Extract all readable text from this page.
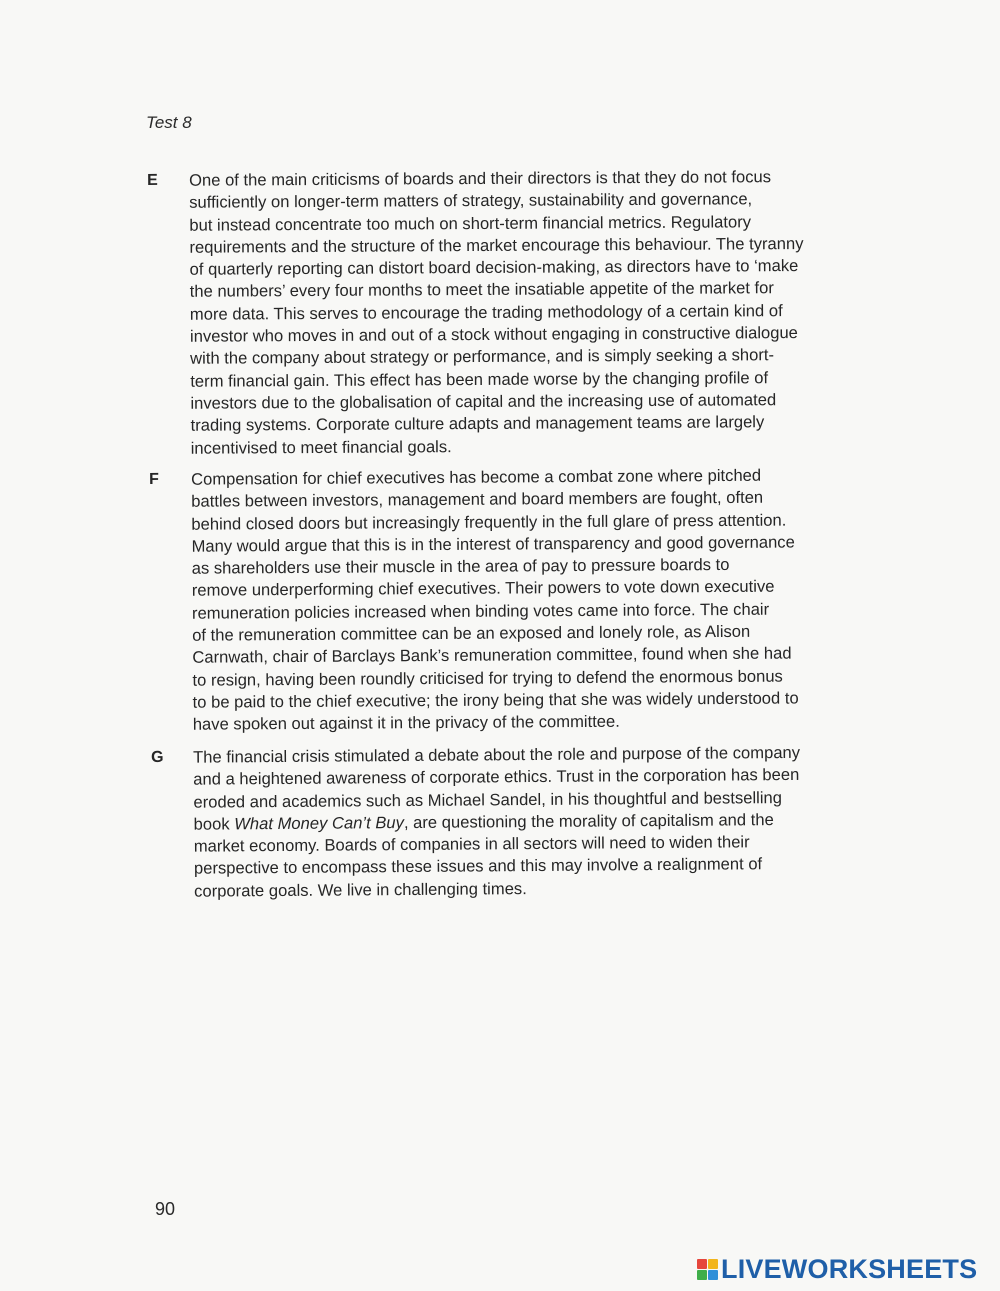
Test 8
E One of the main criticisms of boards and their directors is that they do not focus
sufficiently on longer-term matters of strategy, sustainability and governance,
but instead concentrate too much on short-term financial metrics. Regulatory
requirements and the structure of the market encourage this behaviour. The tyranny
of quarterly reporting can distort board decision-making, as directors have to ‘make
the numbers’ every four months to meet the insatiable appetite of the market for
more data. This serves to encourage the trading methodology of a certain kind of
investor who moves in and out of a stock without engaging in constructive dialogue
with the company about strategy or performance, and is simply seeking a short-
term financial gain. This effect has been made worse by the changing profile of
investors due to the globalisation of capital and the increasing use of automated
trading systems. Corporate culture adapts and management teams are largely
incentivised to meet financial goals.
F Compensation for chief executives has become a combat zone where pitched
battles between investors, management and board members are fought, often
behind closed doors but increasingly frequently in the full glare of press attention.
Many would argue that this is in the interest of transparency and good governance
as shareholders use their muscle in the area of pay to pressure boards to
remove underperforming chief executives. Their powers to vote down executive
remuneration policies increased when binding votes came into force. The chair
of the remuneration committee can be an exposed and lonely role, as Alison
Carnwath, chair of Barclays Bank’s remuneration committee, found when she had
to resign, having been roundly criticised for trying to defend the enormous bonus
to be paid to the chief executive; the irony being that she was widely understood to
have spoken out against it in the privacy of the committee.
G The financial crisis stimulated a debate about the role and purpose of the company
and a heightened awareness of corporate ethics. Trust in the corporation has been
eroded and academics such as Michael Sandel, in his thoughtful and bestselling
book What Money Can’t Buy, are questioning the morality of capitalism and the
market economy. Boards of companies in all sectors will need to widen their
perspective to encompass these issues and this may involve a realignment of
corporate goals. We live in challenging times.
90
LIVEWORKSHEETS
